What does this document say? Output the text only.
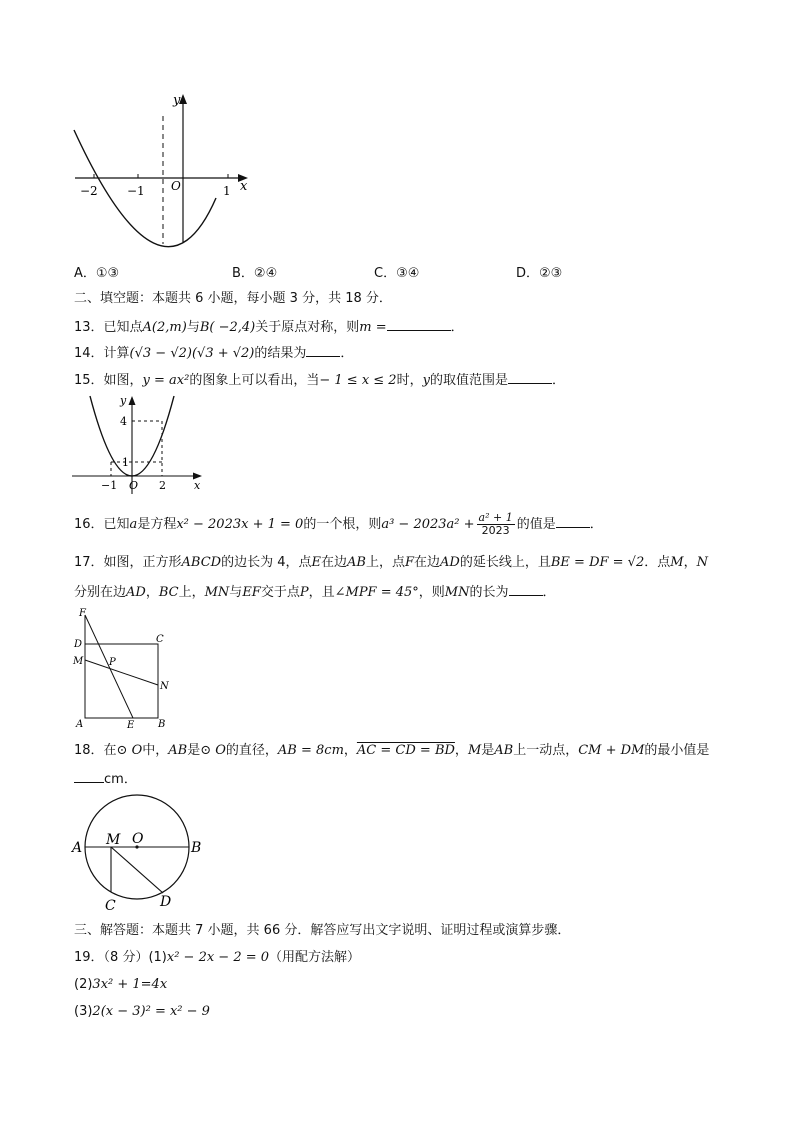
y
x
O
−2 −1	1
A．①③	B．②④	C．③④	D．②③
二、填空题：本题共 6 小题，每小题 3 分，共 18 分．
13．已知点A(2,m)与B( −2,4)关于原点对称，则m =	．
14．计算(√3 − √2)(√3 + √2)的结果为	．
15．如图，y = ax²的图象上可以看出，当− 1 ≤ x ≤ 2时，y的取值范围是	．
y
x
4
1
−1 O 2
16．已知a是方程x² − 2023x + 1 = 0的一个根，则$a^3 - 2023a^2 + \frac{\text{a² + 1}}{2023}$ 的值是	．
17．如图，正方形ABCD的边长为 4，点E在边AB上，点F在边AD的延长线上，且BE = DF = √2．点M，N
分别在边AD，BC上，MN与EF交于点P，且∠MPF = 45°，则MN的长为	．
F
D	C
M	P
N
A	E B
18．在⊙ O中，AB是⊙ O的直径，AB = 8cm，AC = CD = BD，M是AB上一动点，CM + DM的最小值是
cm．
A M O
B
C	D
三、解答题：本题共 7 小题，共 66 分．解答应写出文字说明、证明过程或演算步骤．
19．（8 分）(1)x² − 2x − 2 = 0（用配方法解）
(2)3x² + 1=4x
(3)2(x − 3)² = x² − 9
